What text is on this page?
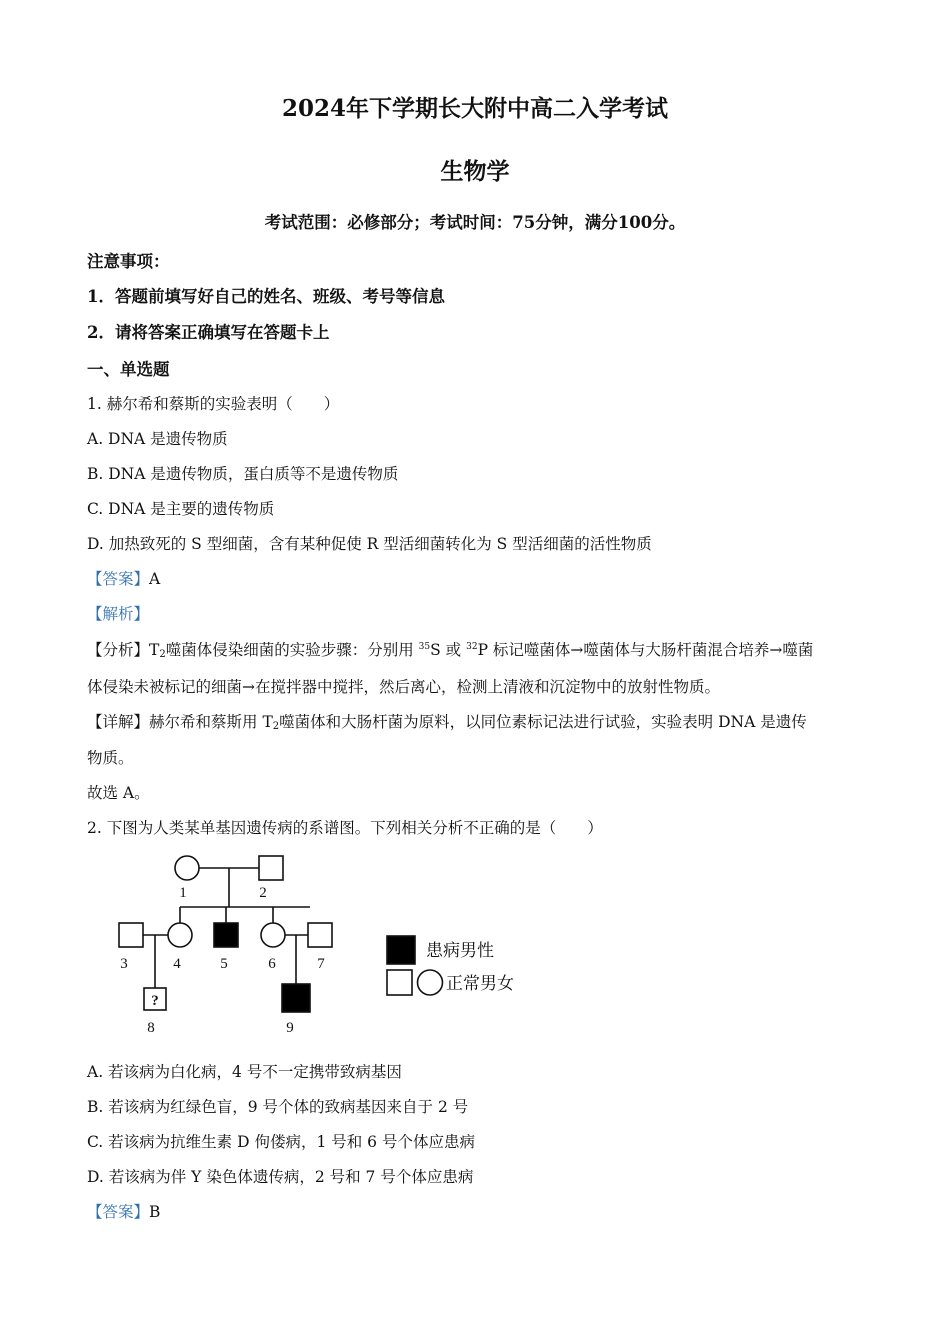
2024年下学期长大附中高二入学考试
生物学
考试范围：必修部分；考试时间：75分钟，满分100分。
注意事项：
1．答题前填写好自己的姓名、班级、考号等信息
2．请将答案正确填写在答题卡上
一、单选题
1. 赫尔希和蔡斯的实验表明（　　）
A. DNA 是遗传物质
B. DNA 是遗传物质，蛋白质等不是遗传物质
C. DNA 是主要的遗传物质
D. 加热致死的 S 型细菌，含有某种促使 R 型活细菌转化为 S 型活细菌的活性物质
【答案】A
【解析】
【分析】$T_2$噬菌体侵染细菌的实验步骤：分别用 $^{35}$S 或 $^{32}$P 标记噬菌体→噬菌体与大肠杆菌混合培养→噬菌
体侵染未被标记的细菌→在搅拌器中搅拌，然后离心，检测上清液和沉淀物中的放射性物质。
【详解】赫尔希和蔡斯用 $T_2$噬菌体和大肠杆菌为原料，以同位素标记法进行试验，实验表明 DNA 是遗传
物质。
故选 A。
2. 下图为人类某单基因遗传病的系谱图。下列相关分析不正确的是（　　）
?
1	2
3	4	5	6	7
8	9
患病男性
正常男女
A. 若该病为白化病，4 号不一定携带致病基因
B. 若该病为红绿色盲，9 号个体的致病基因来自于 2 号
C. 若该病为抗维生素 D 佝偻病，1 号和 6 号个体应患病
D. 若该病为伴 Y 染色体遗传病，2 号和 7 号个体应患病
【答案】B
